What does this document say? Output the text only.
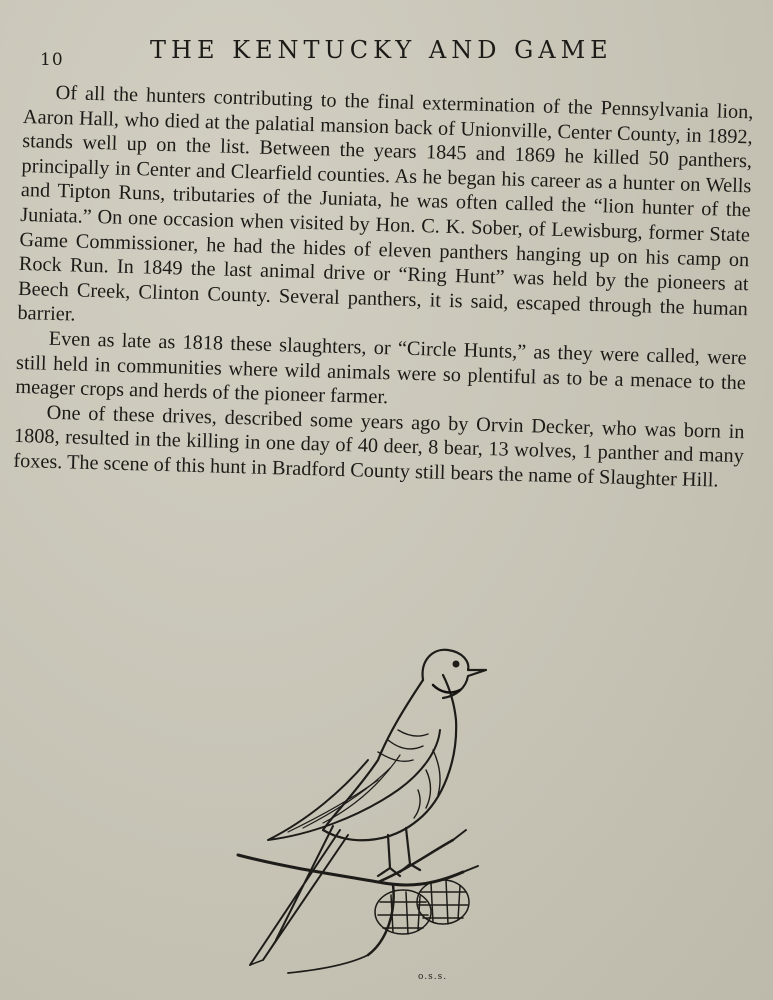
10	THE KENTUCKY AND GAME

Of all the hunters contributing to the final extermination of the Pennsylvania lion, Aaron Hall, who died at the palatial mansion back of Unionville, Center County, in 1892, stands well up on the list. Between the years 1845 and 1869 he killed 50 panthers, principally in Center and Clearfield counties. As he began his career as a hunter on Wells and Tipton Runs, tributaries of the Juniata, he was often called the “lion hunter of the Juniata.” On one occasion when visited by Hon. C. K. Sober, of Lewisburg, former State Game Commissioner, he had the hides of eleven panthers hanging up on his camp on Rock Run. In 1849 the last animal drive or “Ring Hunt” was held by the pioneers at Beech Creek, Clinton County. Several panthers, it is said, escaped through the human barrier.

Even as late as 1818 these slaughters, or “Circle Hunts,” as they were called, were still held in communities where wild animals were so plentiful as to be a menace to the meager crops and herds of the pioneer farmer.

One of these drives, described some years ago by Orvin Decker, who was born in 1808, resulted in the killing in one day of 40 deer, 8 bear, 13 wolves, 1 panther and many foxes. The scene of this hunt in Bradford County still bears the name of Slaughter Hill.

o.s.s.
